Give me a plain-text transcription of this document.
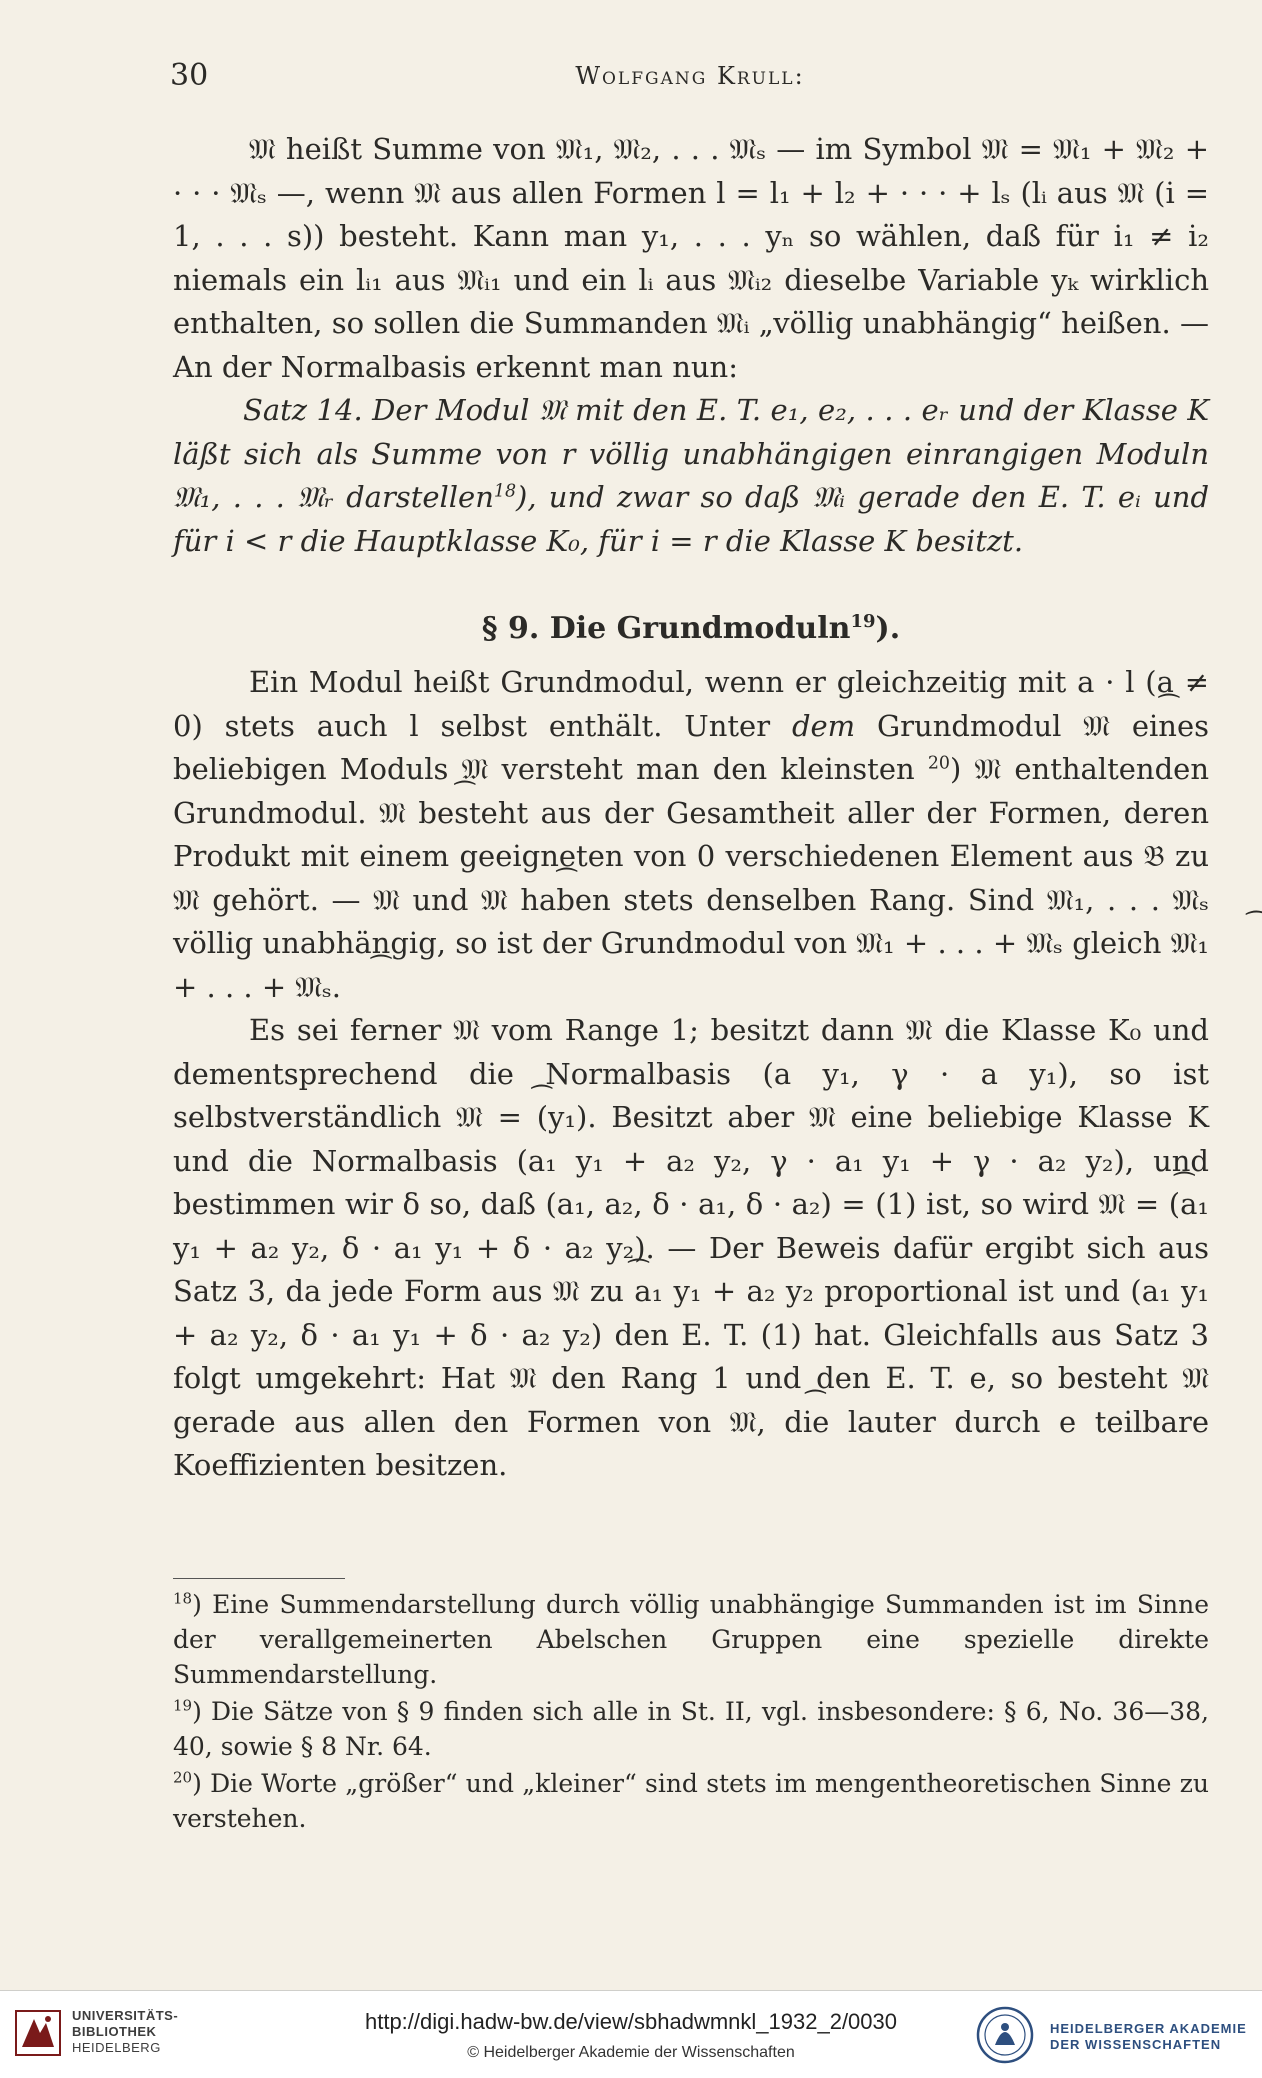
30	Wolfgang Krull:

𝔐 heißt Summe von 𝔐₁, 𝔐₂, . . . 𝔐ₛ — im Symbol 𝔐 = 𝔐₁ + 𝔐₂ + · · · 𝔐ₛ —, wenn 𝔐 aus allen Formen l = l₁ + l₂ + · · · + lₛ (lᵢ aus 𝔐 (i = 1, . . . s)) besteht. Kann man y₁, . . . yₙ so wählen, daß für i₁ ≠ i₂ niemals ein lᵢ₁ aus 𝔐ᵢ₁ und ein lᵢ aus 𝔐ᵢ₂ dieselbe Variable yₖ wirklich enthalten, so sollen die Summanden 𝔐ᵢ „völlig unabhängig“ heißen. — An der Normalbasis erkennt man nun:

Satz 14. Der Modul 𝔐 mit den E. T. e₁, e₂, . . . eᵣ und der Klasse K läßt sich als Summe von r völlig unabhängigen einrangigen Moduln 𝔐₁, . . . 𝔐ᵣ darstellen$^{18}$), und zwar so daß 𝔐ᵢ gerade den E. T. eᵢ und für i < r die Hauptklasse K₀, für i = r die Klasse K besitzt.

§ 9. Die Grundmoduln$^{19}$).

Ein Modul heißt Grundmodul, wenn er gleichzeitig mit a · l (a ≠ 0) stets auch l selbst enthält. Unter dem Grundmodul ⁀ 𝔐 eines beliebigen Moduls 𝔐 versteht man den kleinsten $^{20}$) 𝔐 enthaltenden Grundmodul. ⁀ 𝔐 besteht aus der Gesamtheit aller der Formen, deren Produkt mit einem geeigneten von 0 verschiedenen Element aus 𝔅 zu 𝔐 gehört. — 𝔐 und ⁀ 𝔐 haben stets denselben Rang. Sind 𝔐₁, . . . 𝔐ₛ völlig unabhängig, so ist der Grundmodul von 𝔐₁ + . . . + 𝔐ₛ gleich ⁀ 𝔐₁ + . . . + ⁀ 𝔐ₛ.

Es sei ferner 𝔐 vom Range 1; besitzt dann 𝔐 die Klasse K₀ und dementsprechend die Normalbasis (a y₁, γ · a y₁), so ist selbstverständlich ⁀ 𝔐 = (y₁). Besitzt aber 𝔐 eine beliebige Klasse K und die Normalbasis (a₁ y₁ + a₂ y₂, γ · a₁ y₁ + γ · a₂ y₂), und bestimmen wir δ so, daß (a₁, a₂, δ · a₁, δ · a₂) = (1) ist, so wird ⁀ 𝔐 = (a₁ y₁ + a₂ y₂, δ · a₁ y₁ + δ · a₂ y₂). — Der Beweis dafür ergibt sich aus Satz 3, da jede Form aus ⁀ 𝔐 zu a₁ y₁ + a₂ y₂ proportional ist und (a₁ y₁ + a₂ y₂, δ · a₁ y₁ + δ · a₂ y₂) den E. T. (1) hat. Gleichfalls aus Satz 3 folgt umgekehrt: Hat 𝔐 den Rang 1 und den E. T. e, so besteht 𝔐 gerade aus allen den Formen von ⁀ 𝔐, die lauter durch e teilbare Koeffizienten besitzen.

$^{18}$) Eine Summendarstellung durch völlig unabhängige Summanden ist im Sinne der verallgemeinerten Abelschen Gruppen eine spezielle direkte Summendarstellung.

$^{19}$) Die Sätze von § 9 finden sich alle in St. II, vgl. insbesondere: § 6, No. 36—38, 40, sowie § 8 Nr. 64.

$^{20}$) Die Worte „größer“ und „kleiner“ sind stets im mengentheoretischen Sinne zu verstehen.

UNIVERSITÄTS-
BIBLIOTHEK
HEIDELBERG
http://digi.hadw-bw.de/view/sbhadwmnkl_1932_2/0030
© Heidelberger Akademie der Wissenschaften
HEIDELBERGER AKADEMIE
DER WISSENSCHAFTEN
